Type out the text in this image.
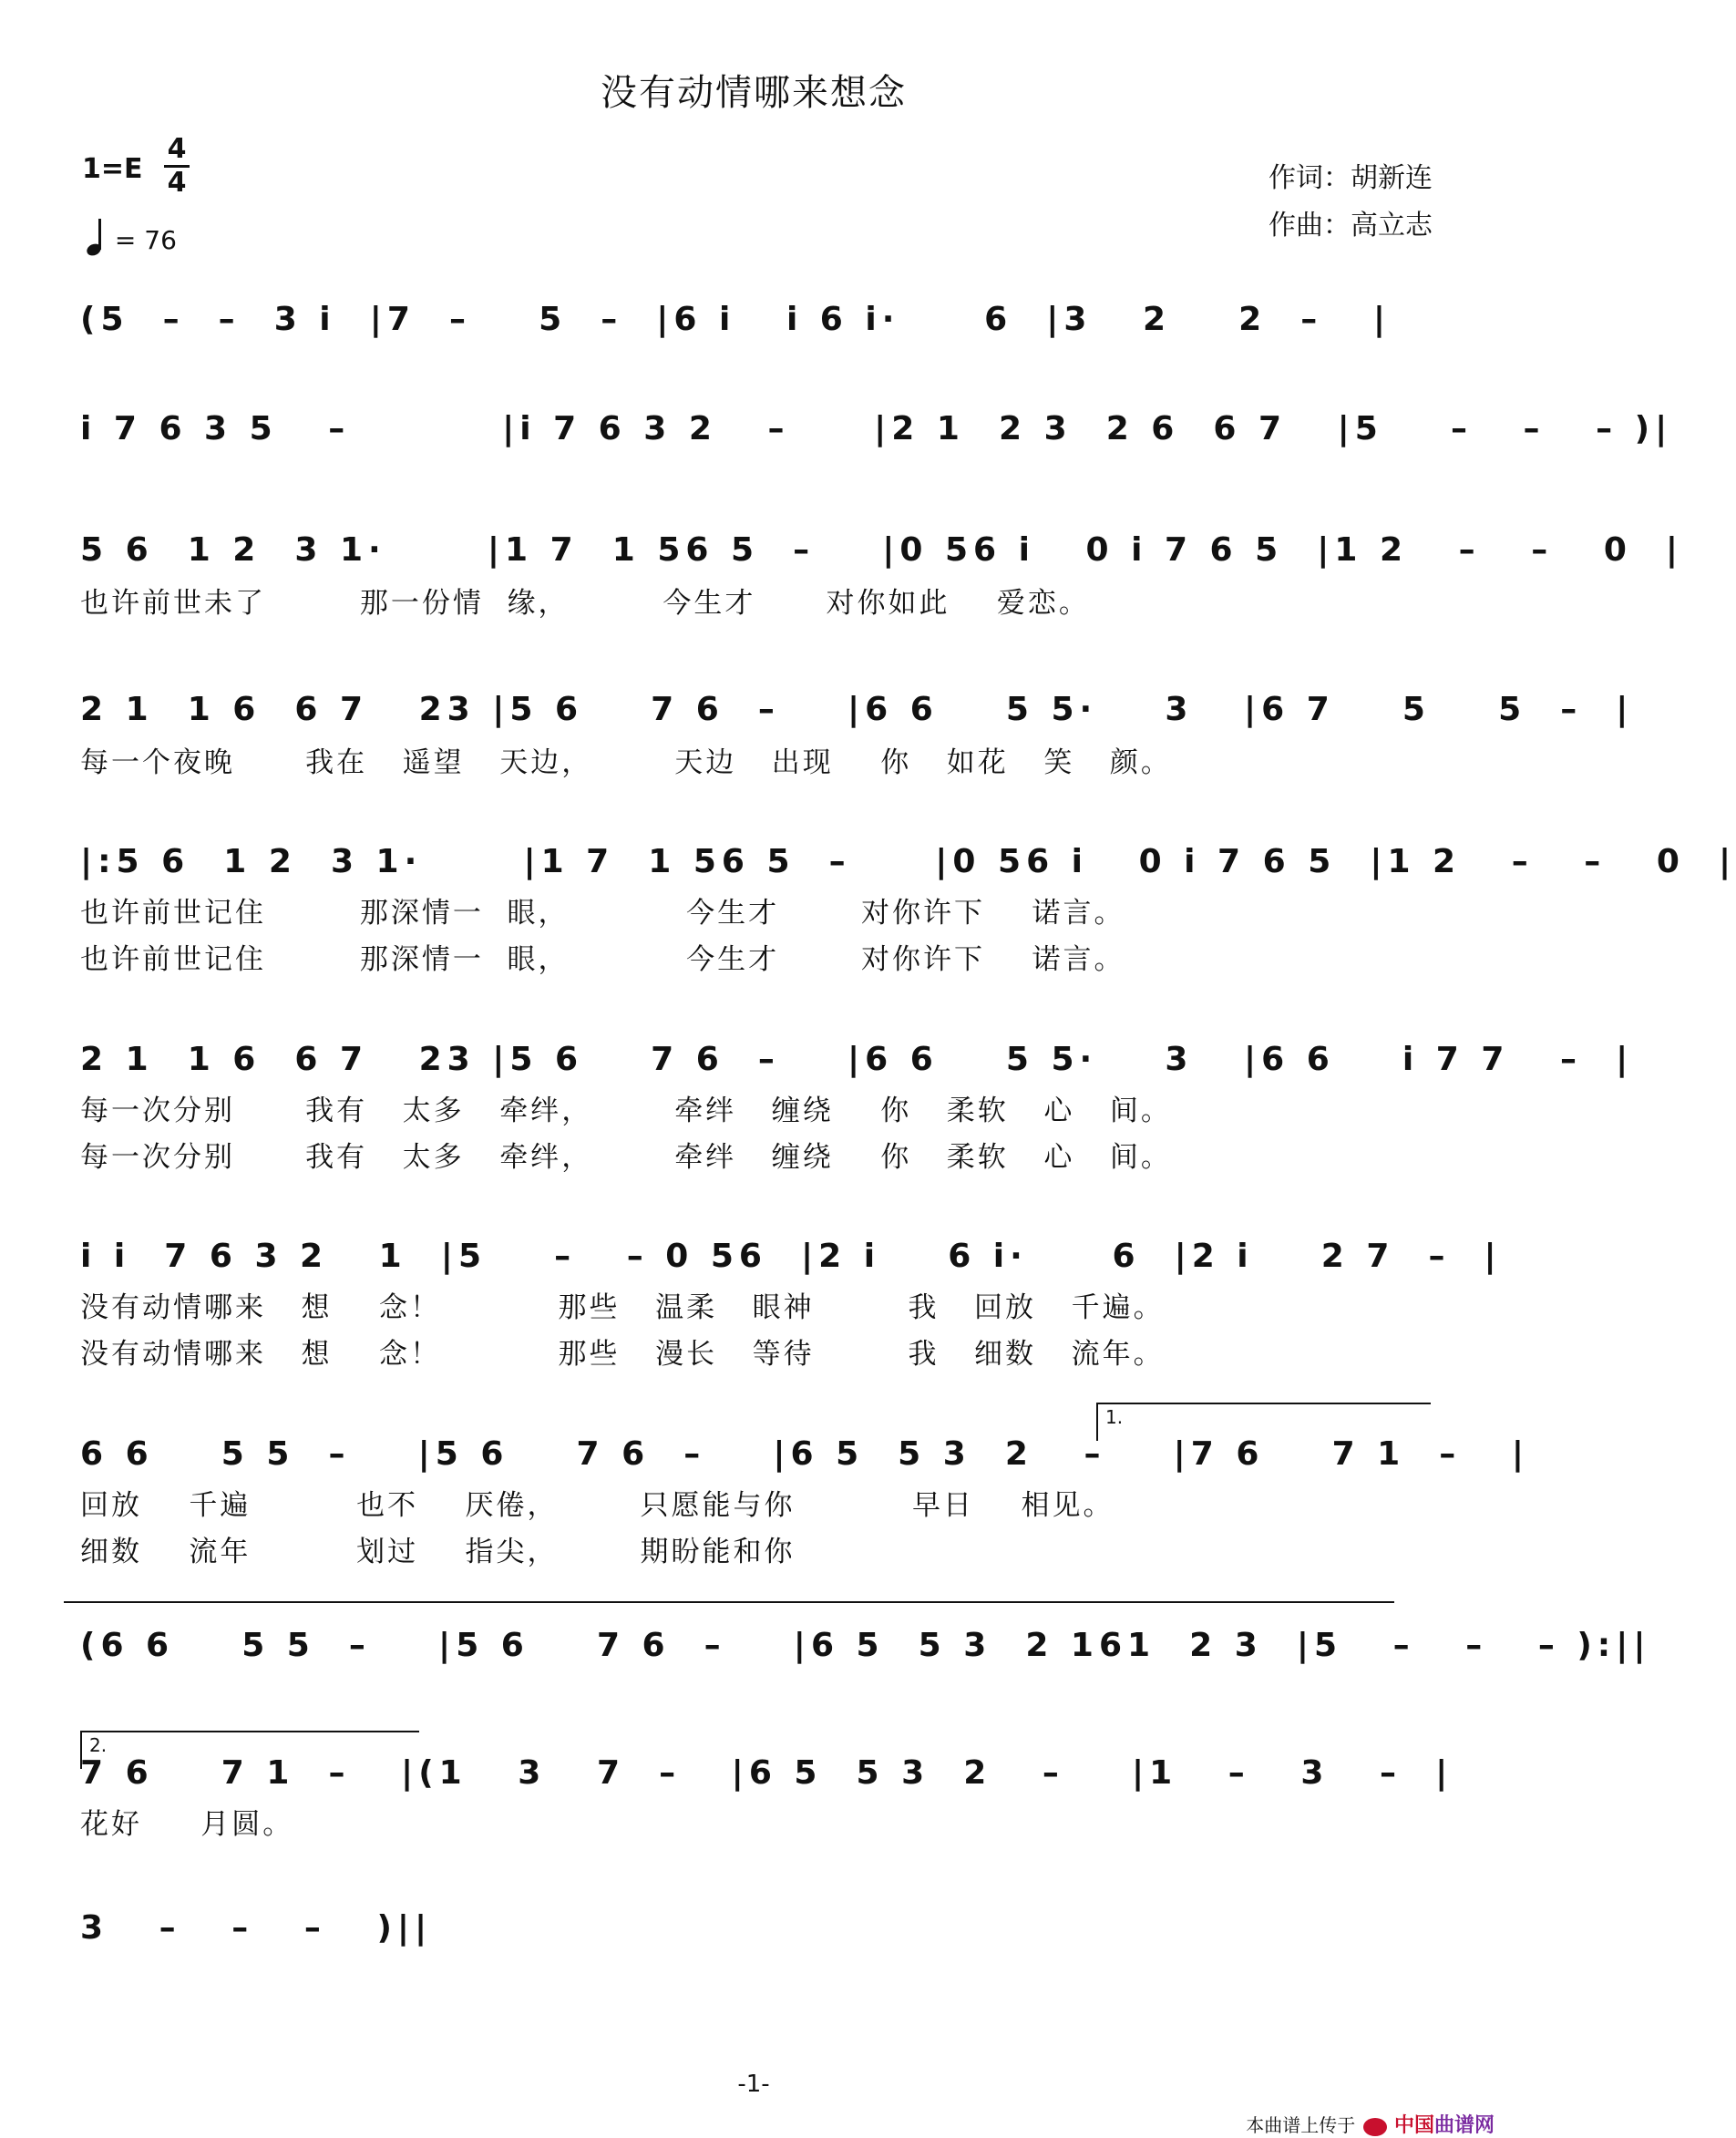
没有动情哪来想念
1=E
4
4
= 76
作词：胡新连
作曲：高立志
(5  –  –  3 i  |7  –    5  –  |6 i   i 6 i·     6  |3   2    2  –   |
i 7 6 3 5   –         |i 7 6 3 2   –     |2 1  2 3  2 6  6 7   |5    –   –   – )|
5 6  1 2  3 1·      |1 7  1 56 5  –    |0 56 i   0 i 7 6 5  |1 2   –   –   0  |
也许前世未了        那一份情  缘，        今生才      对你如此    爱恋。
2 1  1 6  6 7   23 |5 6    7 6  –    |6 6    5 5·    3   |6 7    5    5  –  |
每一个夜晚      我在   遥望   天边，       天边   出现    你   如花   笑   颜。
|:5 6  1 2  3 1·      |1 7  1 56 5  –     |0 56 i   0 i 7 6 5  |1 2   –   –   0  |
也许前世记住        那深情一  眼，          今生才       对你许下    诺言。
也许前世记住        那深情一  眼，          今生才       对你许下    诺言。
2 1  1 6  6 7   23 |5 6    7 6  –    |6 6    5 5·    3   |6 6    i 7 7   –  |
每一次分别      我有   太多   牵绊，       牵绊   缠绕    你   柔软   心   间。
每一次分别      我有   太多   牵绊，       牵绊   缠绕    你   柔软   心   间。
i i  7 6 3 2   1  |5    –   – 0 56  |2 i    6 i·     6  |2 i    2 7  –  |
没有动情哪来   想    念！          那些   温柔   眼神        我   回放   千遍。
没有动情哪来   想    念！          那些   漫长   等待        我   细数   流年。
1.
6 6    5 5  –    |5 6    7 6  –    |6 5  5 3  2   –    |7 6    7 1  –   |
回放    千遍         也不    厌倦，       只愿能与你          早日    相见。
细数    流年         划过    指尖，       期盼能和你
(6 6    5 5  –    |5 6    7 6  –    |6 5  5 3  2 161  2 3  |5   –   –   – ):||
2.
7 6    7 1  –   |(1   3   7  –   |6 5  5 3  2   –    |1   –   3   –  |
花好     月圆。
3   –   –   –   )||
-1-
本曲谱上传于 中国曲谱网
